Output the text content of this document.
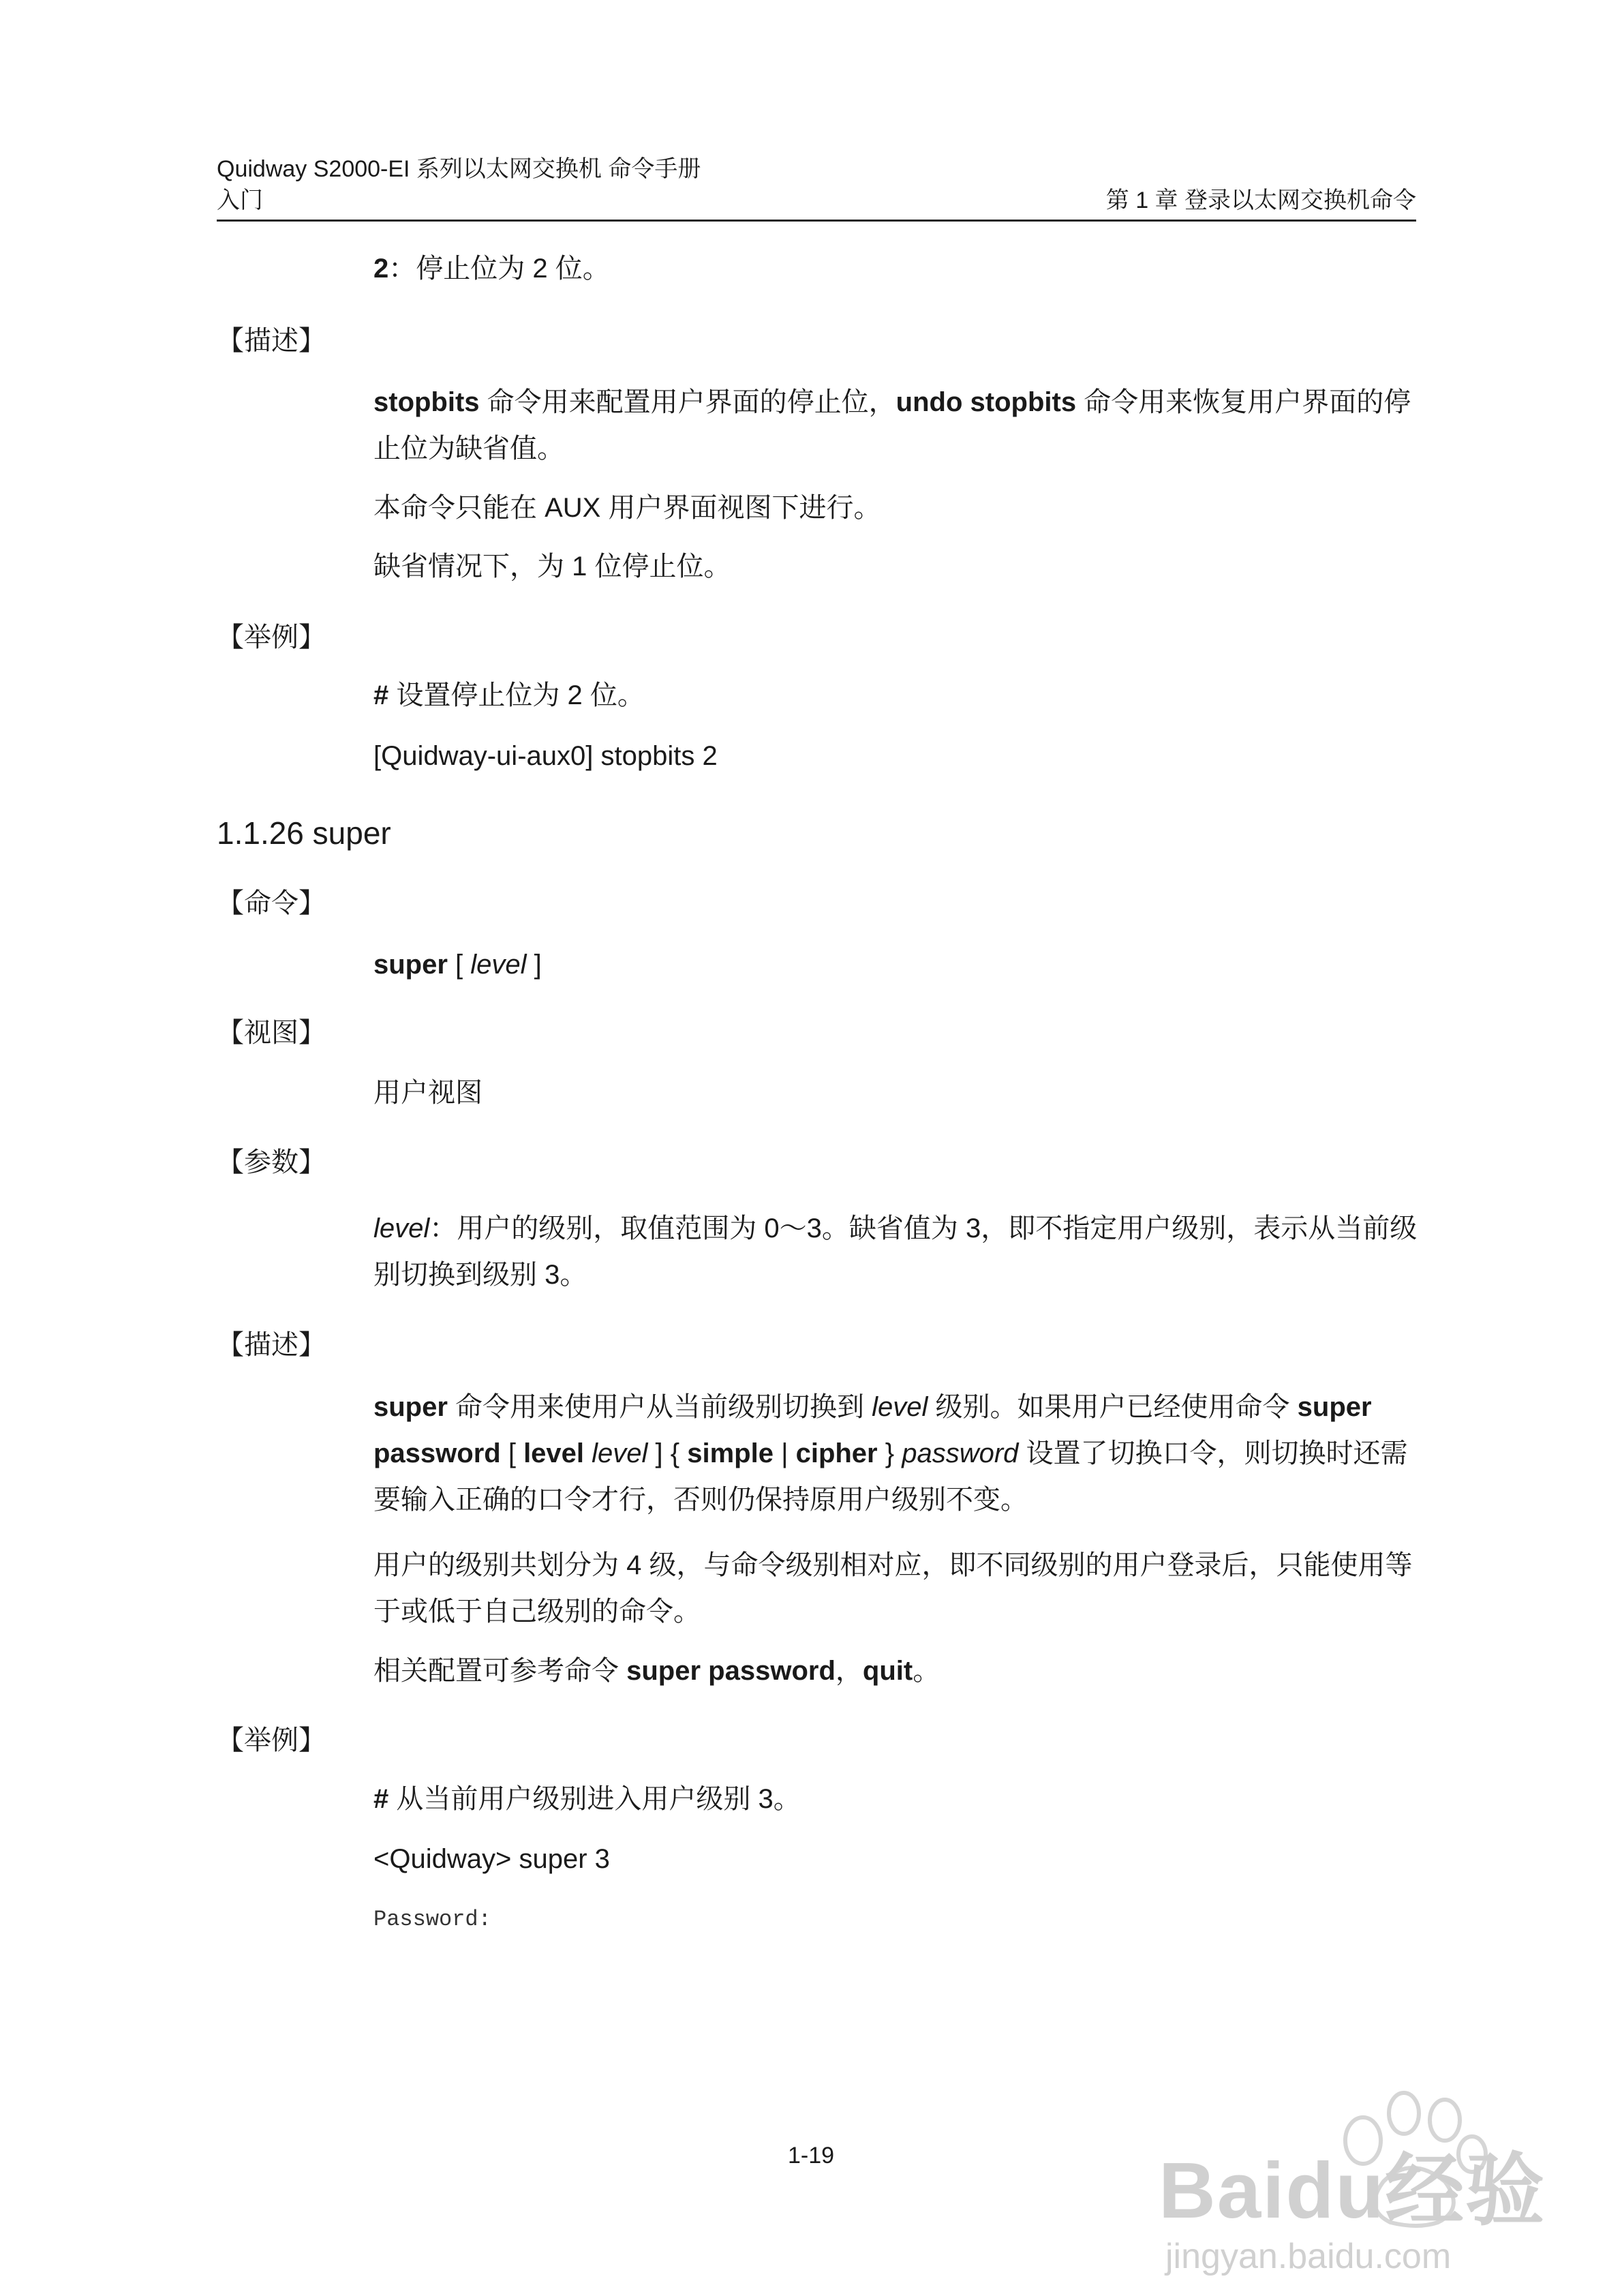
Quidway S2000-EI 系列以太网交换机 命令手册
入门	第 1 章 登录以太网交换机命令
2：停止位为 2 位。
【描述】
stopbits 命令用来配置用户界面的停止位，undo stopbits 命令用来恢复用户界面的停止位为缺省值。
本命令只能在 AUX 用户界面视图下进行。
缺省情况下，为 1 位停止位。
【举例】
# 设置停止位为 2 位。
[Quidway-ui-aux0] stopbits 2
1.1.26 super
【命令】
super [ level ]
【视图】
用户视图
【参数】
level：用户的级别，取值范围为 0～3。缺省值为 3，即不指定用户级别，表示从当前级别切换到级别 3。
【描述】
super 命令用来使用户从当前级别切换到 level 级别。如果用户已经使用命令 super password [ level level ] { simple | cipher } password 设置了切换口令，则切换时还需要输入正确的口令才行，否则仍保持原用户级别不变。
用户的级别共划分为 4 级，与命令级别相对应，即不同级别的用户登录后，只能使用等于或低于自己级别的命令。
相关配置可参考命令 super password，quit。
【举例】
# 从当前用户级别进入用户级别 3。
<Quidway> super 3
Password:
1-19	Baidu经验
jingyan.baidu.com
